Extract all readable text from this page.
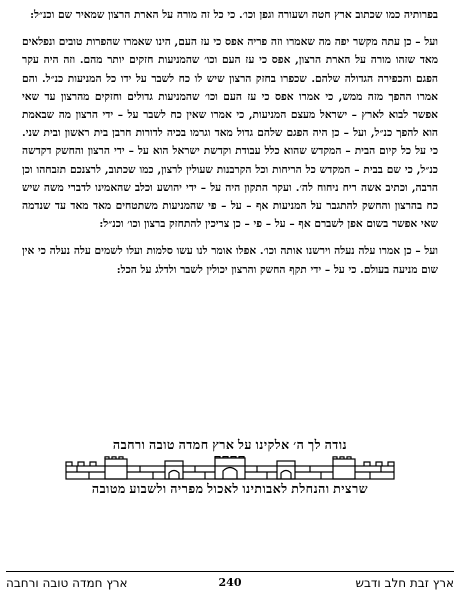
בפרותיה כמו שכתוב ארץ חטה ושעורה וגפן וכו׳. כי כל זה מורה על הארת הרצון שמאיר שם וכנ״ל:

ועל – כן עתה מקשר יפה מה שאמרו וזה פריה אפס כי עז העם, הינו שאמרו שהפרות טובים ונפלאים מאד שזהו מורה על הארת הרצון, אפס כי עז העם וכו׳ שהמניעות חזקים יותר מהם. וזה היה עקר הפגם והכפירה הגדולה שלהם. שכפרו בחזק הרצון שיש לו כח לשבר על ידו כל המניעות כנ״ל. והם אמרו ההפך מזה ממש, כי אמרו אפס כי עז העם וכו׳ שהמניעות גדולים וחזקים מהרצון עד שאי אפשר לבוא לארץ – ישראל מעצם המניעות, כי אמרו שאין כח לשבר על – ידי הרצון מה שבאמת הוא להפך כנ״ל, ועל – כן היה הפגם שלהם גדול מאד וגרמו בכיה לדורות חרבן בית ראשון ובית שני. כי על כל קיום הבית – המקדש שהוא כלל עבודת וקדשת ישראל הוא על – ידי הרצון והחשק דקדשה כנ״ל, כי שם בבית – המקדש כל הריחות וכל הקרבנות שעולין לרצון, כמו שכתוב, לרצנכם תזבחהו וכן הרבה, וכתיב אשה ריח ניחוח לה׳. ועקר התקון היה על – ידי יהושע וכלב שהאמינו לדברי משה שיש כח בהרצון והחשק להתגבר על המניעות אף – על – פי שהמניעות משתטחים מאד מאד עד שנדמה שאי אפשר בשום אפן לשברם אף – על – פי – כן צריכין להתחזק ברצון וכו׳ וכנ״ל:

ועל – כן אמרו עלה נעלה וירשנו אותה וכו׳. אפלו אומר לנו עשו סלמות ועלו לשמים עלה נעלה כי אין שום מניעה בעולם. כי על – ידי תקף החשק והרצון יכולין לשבר ולדלג על הכל:

נודה לך ה׳ אלקינו על ארץ חמדה טובה ורחבה
שרצית והנחלת לאבותינו לאכול מפריה ולשבוע מטובה
ארץ זבת חלב ודבש
240
ארץ חמדה טובה ורחבה
